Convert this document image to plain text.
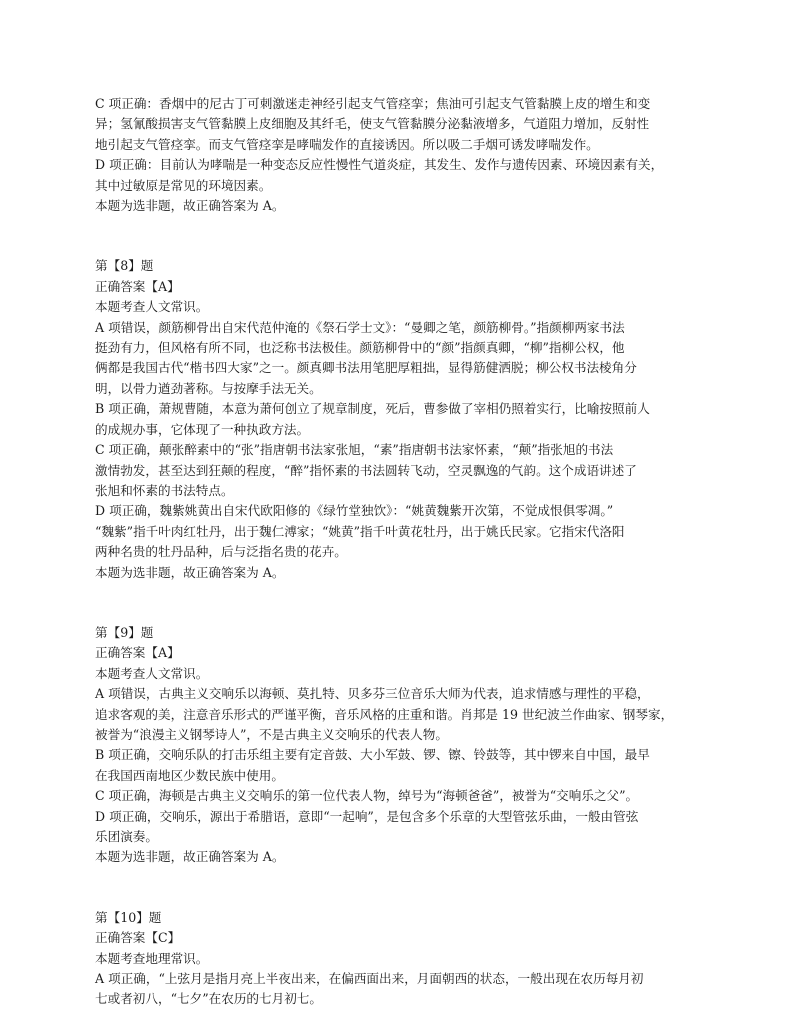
C 项正确：香烟中的尼古丁可刺激迷走神经引起支气管痉挛；焦油可引起支气管黏膜上皮的增生和变
异；氢氰酸损害支气管黏膜上皮细胞及其纤毛，使支气管黏膜分泌黏液增多，气道阻力增加，反射性
地引起支气管痉挛。而支气管痉挛是哮喘发作的直接诱因。所以吸二手烟可诱发哮喘发作。
D 项正确：目前认为哮喘是一种变态反应性慢性气道炎症，其发生、发作与遗传因素、环境因素有关，
其中过敏原是常见的环境因素。
本题为选非题，故正确答案为 A。
第【8】题
正确答案【A】
本题考查人文常识。
A 项错误，颜筋柳骨出自宋代范仲淹的《祭石学士文》：“曼卿之笔，颜筋柳骨。”指颜柳两家书法
挺劲有力，但风格有所不同，也泛称书法极佳。颜筋柳骨中的“颜”指颜真卿，“柳”指柳公权，他
俩都是我国古代“楷书四大家”之一。颜真卿书法用笔肥厚粗拙，显得筋健洒脱；柳公权书法棱角分
明，以骨力遒劲著称。与按摩手法无关。
B 项正确，萧规曹随，本意为萧何创立了规章制度，死后，曹参做了宰相仍照着实行，比喻按照前人
的成规办事，它体现了一种执政方法。
C 项正确，颠张醉素中的“张”指唐朝书法家张旭，“素”指唐朝书法家怀素，“颠”指张旭的书法
激情勃发，甚至达到狂颠的程度，“醉”指怀素的书法圆转飞动，空灵飘逸的气韵。这个成语讲述了
张旭和怀素的书法特点。
D 项正确，魏紫姚黄出自宋代欧阳修的《绿竹堂独饮》：“姚黄魏紫开次第，不觉成恨俱零凋。”
“魏紫”指千叶肉红牡丹，出于魏仁溥家；“姚黄”指千叶黄花牡丹，出于姚氏民家。它指宋代洛阳
两种名贵的牡丹品种，后与泛指名贵的花卉。
本题为选非题，故正确答案为 A。
第【9】题
正确答案【A】
本题考查人文常识。
A 项错误，古典主义交响乐以海顿、莫扎特、贝多芬三位音乐大师为代表，追求情感与理性的平稳，
追求客观的美，注意音乐形式的严谨平衡，音乐风格的庄重和谐。肖邦是 19 世纪波兰作曲家、钢琴家，
被誉为“浪漫主义钢琴诗人”，不是古典主义交响乐的代表人物。
B 项正确，交响乐队的打击乐组主要有定音鼓、大小军鼓、锣、镲、铃鼓等，其中锣来自中国，最早
在我国西南地区少数民族中使用。
C 项正确，海顿是古典主义交响乐的第一位代表人物，绰号为“海顿爸爸”，被誉为“交响乐之父”。
D 项正确，交响乐，源出于希腊语，意即“一起响”，是包含多个乐章的大型管弦乐曲，一般由管弦
乐团演奏。
本题为选非题，故正确答案为 A。
第【10】题
正确答案【C】
本题考查地理常识。
A 项正确，“上弦月是指月亮上半夜出来，在偏西面出来，月面朝西的状态，一般出现在农历每月初
七或者初八，“七夕”在农历的七月初七。
